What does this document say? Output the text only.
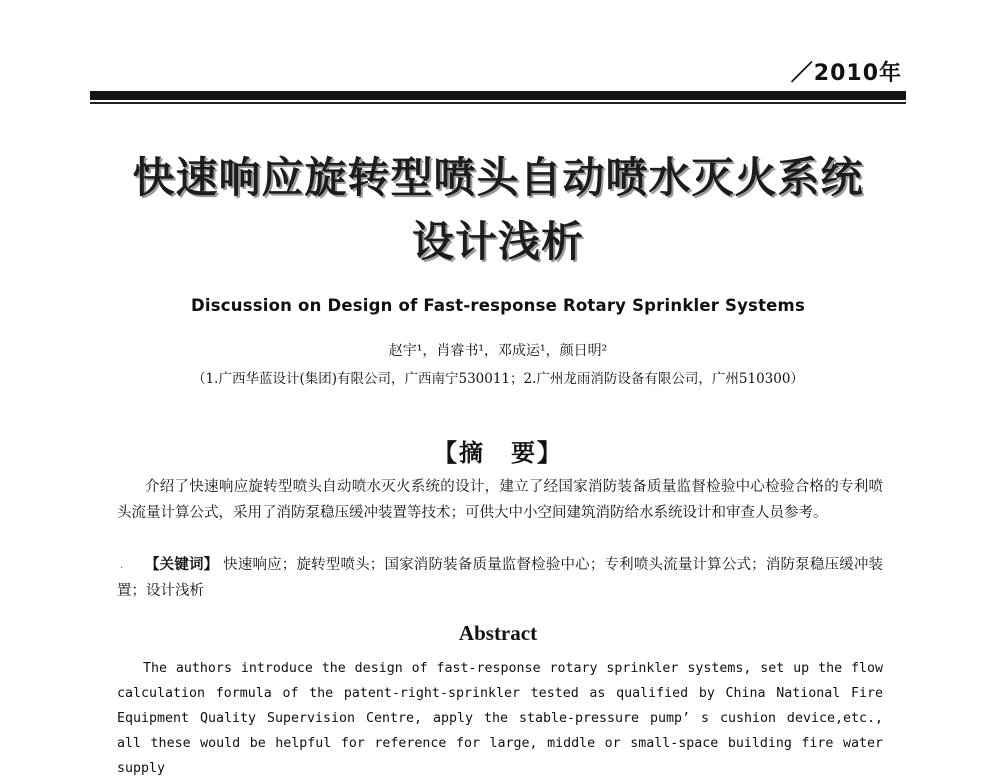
／2010年
快速响应旋转型喷头自动喷水灭火系统
设计浅析
Discussion on Design of Fast-response Rotary Sprinkler Systems
赵宇¹，肖睿书¹，邓成运¹，颜日明²
（1.广西华蓝设计(集团)有限公司，广西南宁530011；2.广州龙雨消防设备有限公司，广州510300）
【摘　要】

介绍了快速响应旋转型喷头自动喷水灭火系统的设计，建立了经国家消防装备质量监督检验中心检验合格的专利喷头流量计算公式，采用了消防泵稳压缓冲装置等技术；可供大中小空间建筑消防给水系统设计和审查人员参考。

.	【关键词】 快速响应；旋转型喷头；国家消防装备质量监督检验中心；专利喷头流量计算公式；消防泵稳压缓冲装置；设计浅析

Abstract

The authors introduce the design of fast-response rotary sprinkler systems, set up the flow calculation formula of the patent-right-sprinkler tested as qualified by China National Fire Equipment Quality Supervision Centre, apply the stable-pressure pump’ s cushion device,etc., all these would be helpful for reference for large, middle or small-space building fire water supply
